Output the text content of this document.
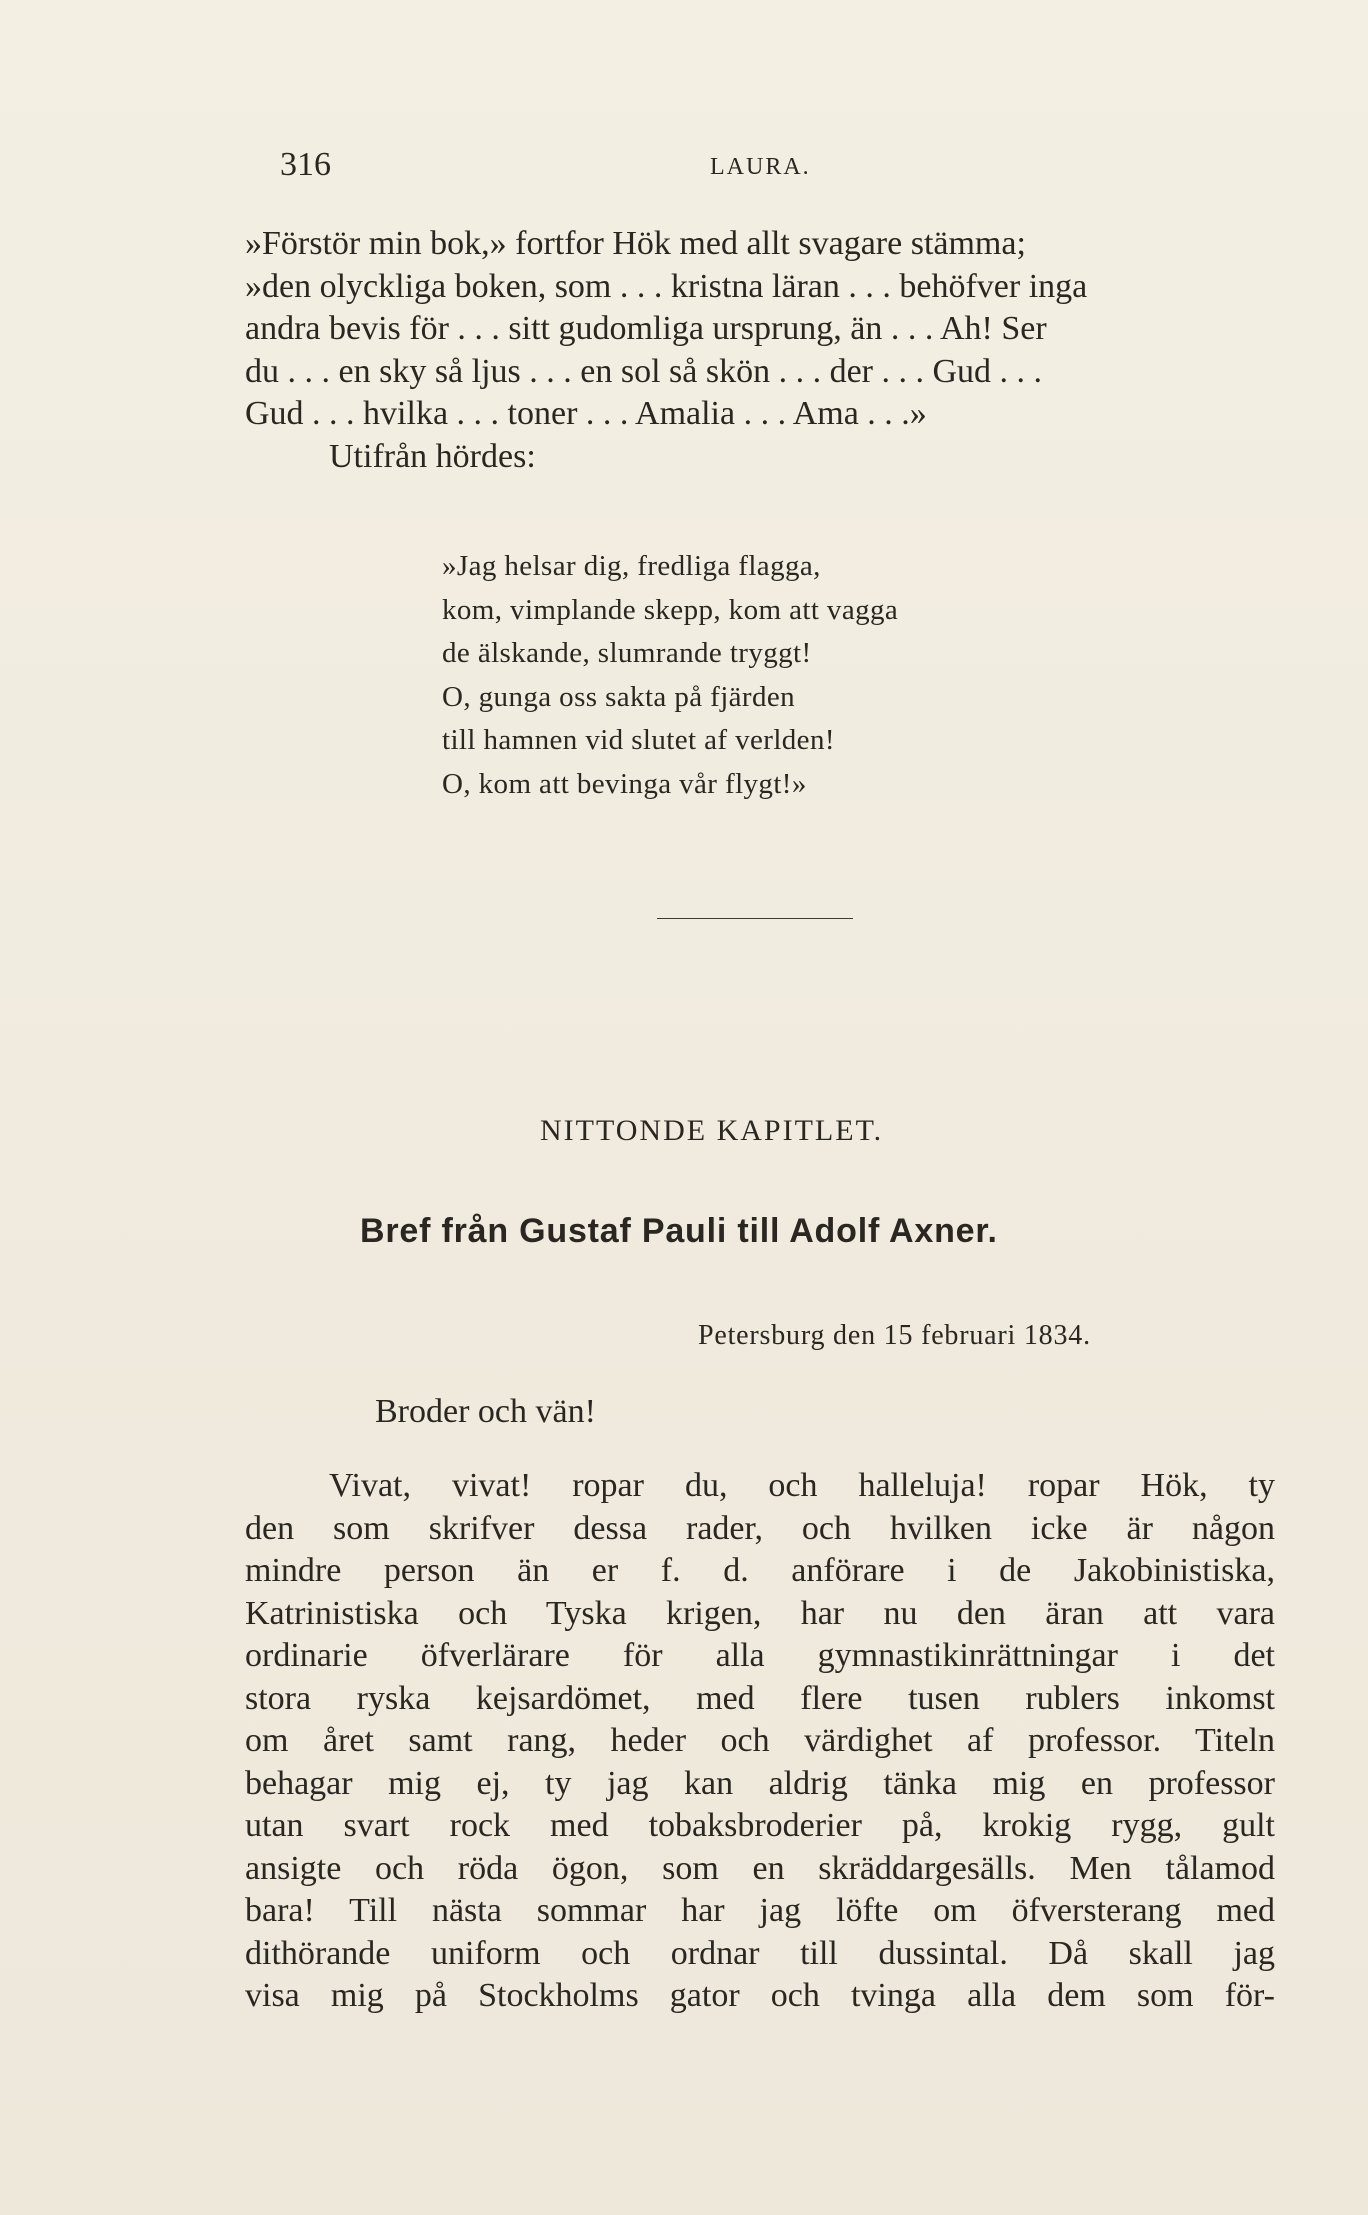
316	LAURA.
»Förstör min bok,» fortfor Hök med allt svagare stämma;
»den olyckliga boken, som . . . kristna läran . . . behöfver inga
andra bevis för . . . sitt gudomliga ursprung, än . . . Ah! Ser
du . . . en sky så ljus . . . en sol så skön . . . der . . . Gud . . .
Gud . . . hvilka . . . toner . . . Amalia . . . Ama . . .»
Utifrån hördes:
»Jag helsar dig, fredliga flagga,
kom, vimplande skepp, kom att vagga
de älskande, slumrande tryggt!
O, gunga oss sakta på fjärden
till hamnen vid slutet af verlden!
O, kom att bevinga vår flygt!»
NITTONDE KAPITLET.
Bref från Gustaf Pauli till Adolf Axner.
Petersburg den 15 februari 1834.
Broder och vän!
Vivat, vivat! ropar du, och halleluja! ropar Hök, ty
den som skrifver dessa rader, och hvilken icke är någon
mindre person än er f. d. anförare i de Jakobinistiska,
Katrinistiska och Tyska krigen, har nu den äran att vara
ordinarie öfverlärare för alla gymnastikinrättningar i det
stora ryska kejsardömet, med flere tusen rublers inkomst
om året samt rang, heder och värdighet af professor. Titeln
behagar mig ej, ty jag kan aldrig tänka mig en professor
utan svart rock med tobaksbroderier på, krokig rygg, gult
ansigte och röda ögon, som en skräddargesälls. Men tålamod
bara! Till nästa sommar har jag löfte om öfversterang med
dithörande uniform och ordnar till dussintal. Då skall jag
visa mig på Stockholms gator och tvinga alla dem som för-
